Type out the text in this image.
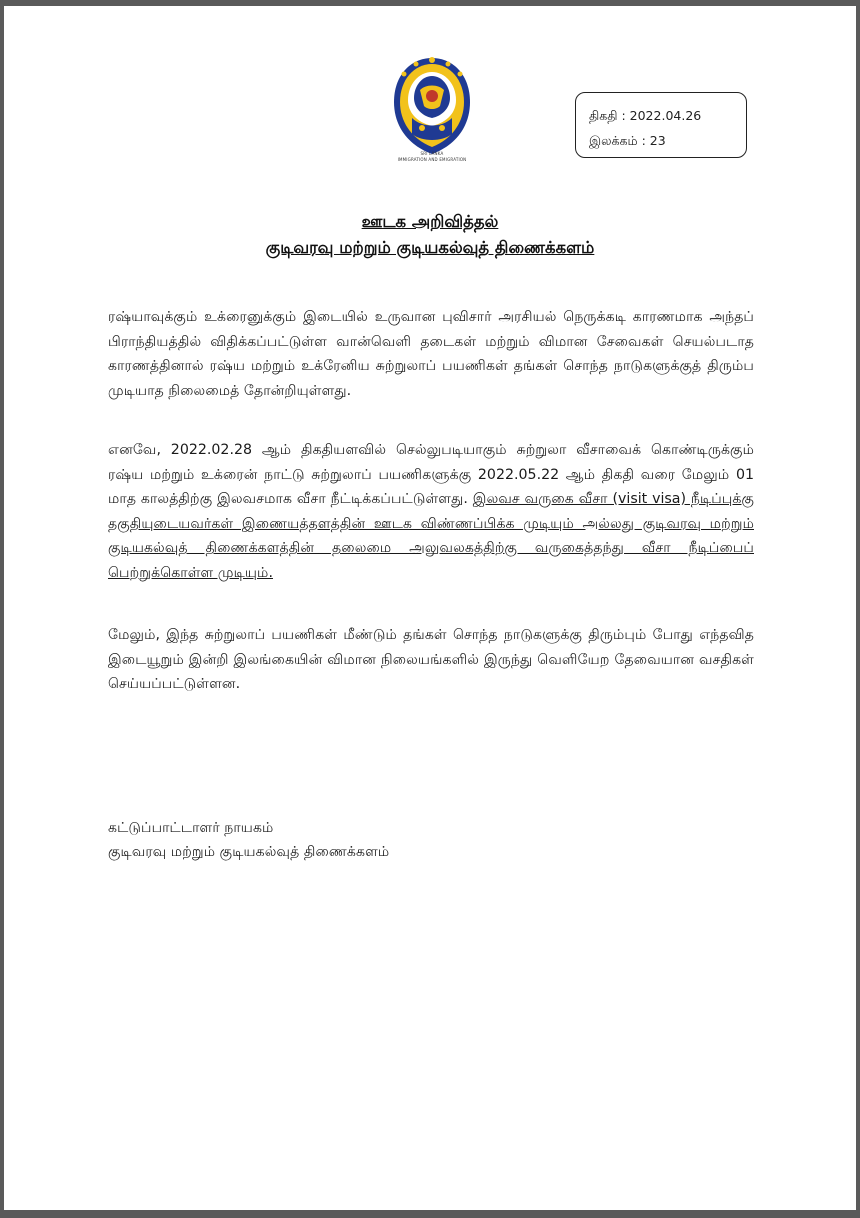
SRI LANKA
IMMIGRATION AND EMIGRATION
திகதி : 2022.04.26
இலக்கம் : 23
ஊடக அறிவித்தல்
குடிவரவு மற்றும் குடியகல்வுத் திணைக்களம்
ரஷ்யாவுக்கும் உக்ரைனுக்கும் இடையில் உருவான புவிசார் அரசியல் நெருக்கடி காரணமாக அந்தப் பிராந்தியத்தில் விதிக்கப்பட்டுள்ள வான்வெளி தடைகள் மற்றும் விமான சேவைகள் செயல்படாத காரணத்தினால் ரஷ்ய மற்றும் உக்ரேனிய சுற்றுலாப் பயணிகள் தங்கள் சொந்த நாடுகளுக்குத் திரும்ப முடியாத நிலைமைத் தோன்றியுள்ளது.
எனவே, 2022.02.28 ஆம் திகதியளவில் செல்லுபடியாகும் சுற்றுலா வீசாவைக் கொண்டிருக்கும் ரஷ்ய மற்றும் உக்ரைன் நாட்டு சுற்றுலாப் பயணிகளுக்கு 2022.05.22 ஆம் திகதி வரை மேலும் 01 மாத காலத்திற்கு இலவசமாக வீசா நீட்டிக்கப்பட்டுள்ளது. இலவச வருகை வீசா (visit visa) நீடிப்புக்கு தகுதியுடையவர்கள் இணையத்தளத்தின் ஊடக விண்ணப்பிக்க முடியும் அல்லது குடிவரவு மற்றும் குடியகல்வுத் திணைக்களத்தின் தலைமை அலுவலகத்திற்கு வருகைத்தந்து வீசா நீடிப்பைப் பெற்றுக்கொள்ள முடியும்.
மேலும், இந்த சுற்றுலாப் பயணிகள் மீண்டும் தங்கள் சொந்த நாடுகளுக்கு திரும்பும் போது எந்தவித இடையூறும் இன்றி இலங்கையின் விமான நிலையங்களில் இருந்து வெளியேற தேவையான வசதிகள் செய்யப்பட்டுள்ளன.
கட்டுப்பாட்டாளர் நாயகம்
குடிவரவு மற்றும் குடியகல்வுத் திணைக்களம்
